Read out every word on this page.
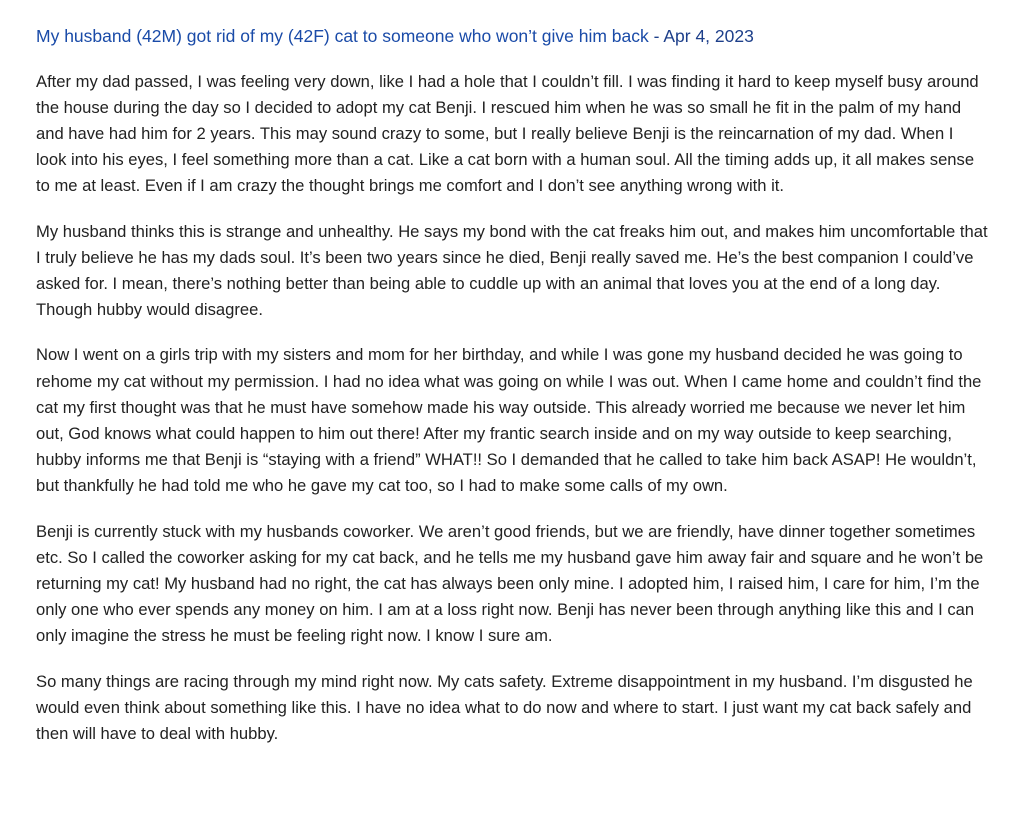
My husband (42M) got rid of my (42F) cat to someone who won’t give him back - Apr 4, 2023

After my dad passed, I was feeling very down, like I had a hole that I couldn’t fill. I was finding it hard to keep myself busy around the house during the day so I decided to adopt my cat Benji. I rescued him when he was so small he fit in the palm of my hand and have had him for 2 years. This may sound crazy to some, but I really believe Benji is the reincarnation of my dad. When I look into his eyes, I feel something more than a cat. Like a cat born with a human soul. All the timing adds up, it all makes sense to me at least. Even if I am crazy the thought brings me comfort and I don’t see anything wrong with it.

My husband thinks this is strange and unhealthy. He says my bond with the cat freaks him out, and makes him uncomfortable that I truly believe he has my dads soul. It’s been two years since he died, Benji really saved me. He’s the best companion I could’ve asked for. I mean, there’s nothing better than being able to cuddle up with an animal that loves you at the end of a long day. Though hubby would disagree.

Now I went on a girls trip with my sisters and mom for her birthday, and while I was gone my husband decided he was going to rehome my cat without my permission. I had no idea what was going on while I was out. When I came home and couldn’t find the cat my first thought was that he must have somehow made his way outside. This already worried me because we never let him out, God knows what could happen to him out there! After my frantic search inside and on my way outside to keep searching, hubby informs me that Benji is “staying with a friend” WHAT!! So I demanded that he called to take him back ASAP! He wouldn’t, but thankfully he had told me who he gave my cat too, so I had to make some calls of my own.

Benji is currently stuck with my husbands coworker. We aren’t good friends, but we are friendly, have dinner together sometimes etc. So I called the coworker asking for my cat back, and he tells me my husband gave him away fair and square and he won’t be returning my cat! My husband had no right, the cat has always been only mine. I adopted him, I raised him, I care for him, I’m the only one who ever spends any money on him. I am at a loss right now. Benji has never been through anything like this and I can only imagine the stress he must be feeling right now. I know I sure am.

So many things are racing through my mind right now. My cats safety. Extreme disappointment in my husband. I’m disgusted he would even think about something like this. I have no idea what to do now and where to start. I just want my cat back safely and then will have to deal with hubby.
